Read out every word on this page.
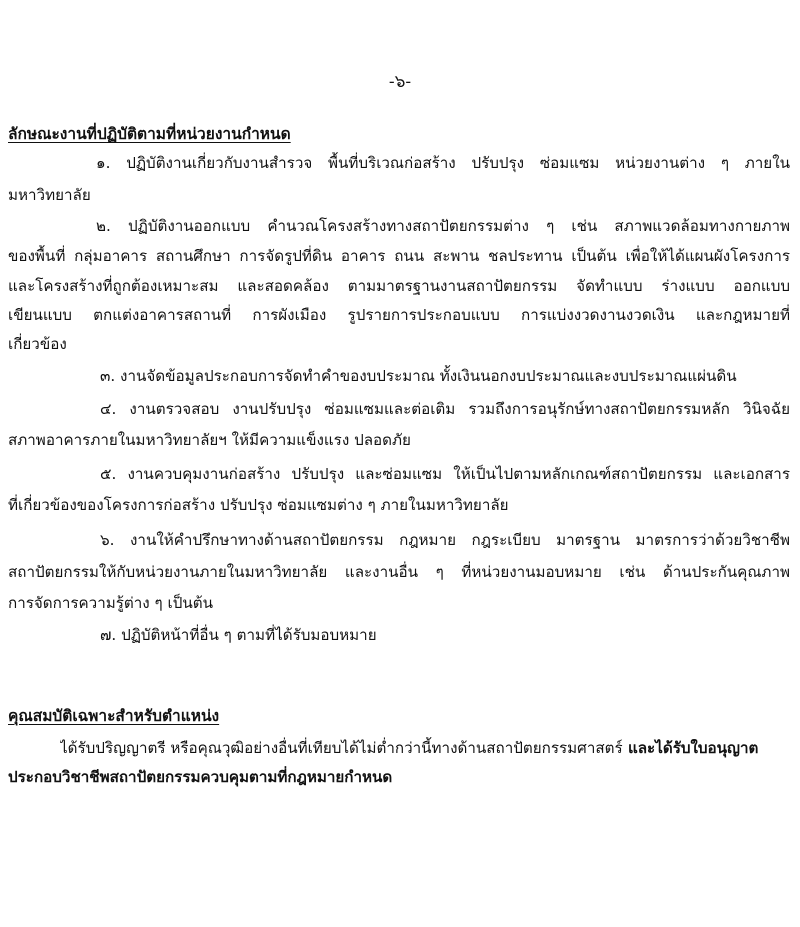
-๖-
ลักษณะงานที่ปฏิบัติตามที่หน่วยงานกำหนด
๑. ปฏิบัติงานเกี่ยวกับงานสำรวจ พื้นที่บริเวณก่อสร้าง ปรับปรุง ซ่อมแซม หน่วยงานต่าง ๆ ภายใน
มหาวิทยาลัย
๒. ปฏิบัติงานออกแบบ คำนวณโครงสร้างทางสถาปัตยกรรมต่าง ๆ เช่น สภาพแวดล้อมทางกายภาพ
ของพื้นที่ กลุ่มอาคาร สถานศึกษา การจัดรูปที่ดิน อาคาร ถนน สะพาน ชลประทาน เป็นต้น เพื่อให้ได้แผนผังโครงการ
และโครงสร้างที่ถูกต้องเหมาะสม และสอดคล้อง ตามมาตรฐานงานสถาปัตยกรรม จัดทำแบบ ร่างแบบ ออกแบบ
เขียนแบบ ตกแต่งอาคารสถานที่ การผังเมือง รูปรายการประกอบแบบ การแบ่งงวดงานงวดเงิน และกฎหมายที่
เกี่ยวข้อง
๓. งานจัดข้อมูลประกอบการจัดทำคำของบประมาณ ทั้งเงินนอกงบประมาณและงบประมาณแผ่นดิน
๔. งานตรวจสอบ งานปรับปรุง ซ่อมแซมและต่อเติม รวมถึงการอนุรักษ์ทางสถาปัตยกรรมหลัก วินิจฉัย
สภาพอาคารภายในมหาวิทยาลัยฯ ให้มีความแข็งแรง ปลอดภัย
๕. งานควบคุมงานก่อสร้าง ปรับปรุง และซ่อมแซม ให้เป็นไปตามหลักเกณฑ์สถาปัตยกรรม และเอกสาร
ที่เกี่ยวข้องของโครงการก่อสร้าง ปรับปรุง ซ่อมแซมต่าง ๆ ภายในมหาวิทยาลัย
๖. งานให้คำปรึกษาทางด้านสถาปัตยกรรม กฎหมาย กฎระเบียบ มาตรฐาน มาตรการว่าด้วยวิชาชีพ
สถาปัตยกรรมให้กับหน่วยงานภายในมหาวิทยาลัย และงานอื่น ๆ ที่หน่วยงานมอบหมาย เช่น ด้านประกันคุณภาพ
การจัดการความรู้ต่าง ๆ เป็นต้น
๗. ปฏิบัติหน้าที่อื่น ๆ ตามที่ได้รับมอบหมาย
คุณสมบัติเฉพาะสำหรับตำแหน่ง
ได้รับปริญญาตรี หรือคุณวุฒิอย่างอื่นที่เทียบได้ไม่ต่ำกว่านี้ทางด้านสถาปัตยกรรมศาสตร์ และได้รับใบอนุญาต
ประกอบวิชาชีพสถาปัตยกรรมควบคุมตามที่กฎหมายกำหนด
